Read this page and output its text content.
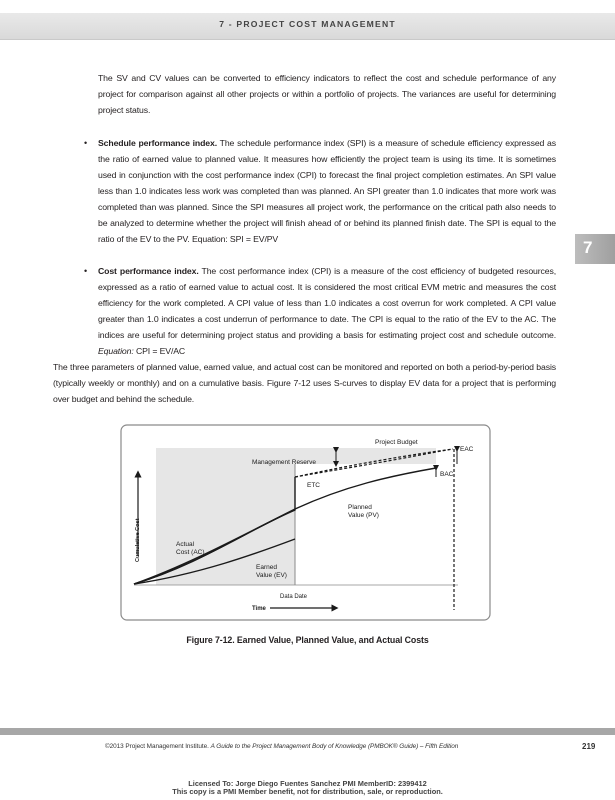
7 - PROJECT COST MANAGEMENT
7

The SV and CV values can be converted to efficiency indicators to reflect the cost and schedule performance of any project for comparison against all other projects or within a portfolio of projects. The variances are useful for determining project status.

• Schedule performance index. The schedule performance index (SPI) is a measure of schedule efficiency expressed as the ratio of earned value to planned value. It measures how efficiently the project team is using its time. It is sometimes used in conjunction with the cost performance index (CPI) to forecast the final project completion estimates. An SPI value less than 1.0 indicates less work was completed than was planned. An SPI greater than 1.0 indicates that more work was completed than was planned. Since the SPI measures all project work, the performance on the critical path also needs to be analyzed to determine whether the project will finish ahead of or behind its planned finish date. The SPI is equal to the ratio of the EV to the PV. Equation: SPI = EV/PV

• Cost performance index. The cost performance index (CPI) is a measure of the cost efficiency of budgeted resources, expressed as a ratio of earned value to actual cost. It is considered the most critical EVM metric and measures the cost efficiency for the work completed. A CPI value of less than 1.0 indicates a cost overrun for work completed. A CPI value greater than 1.0 indicates a cost underrun of performance to date. The CPI is equal to the ratio of the EV to the AC. The indices are useful for determining project status and providing a basis for estimating project cost and schedule outcome. Equation: CPI = EV/AC

The three parameters of planned value, earned value, and actual cost can be monitored and reported on both a period-by-period basis (typically weekly or monthly) and on a cumulative basis. Figure 7-12 uses S-curves to display EV data for a project that is performing over budget and behind the schedule.

Project Budget
EAC
BAC
Management Reserve
ETC
Planned
Value (PV)
Actual
Cost (AC)
Earned
Value (EV)
Data Date
Time
Cumulative Cost
Figure 7-12. Earned Value, Planned Value, and Actual Costs
©2013 Project Management Institute. A Guide to the Project Management Body of Knowledge (PMBOK® Guide) – Fifth Edition	219
Licensed To: Jorge Diego Fuentes Sanchez PMI MemberID: 2399412
This copy is a PMI Member benefit, not for distribution, sale, or reproduction.
